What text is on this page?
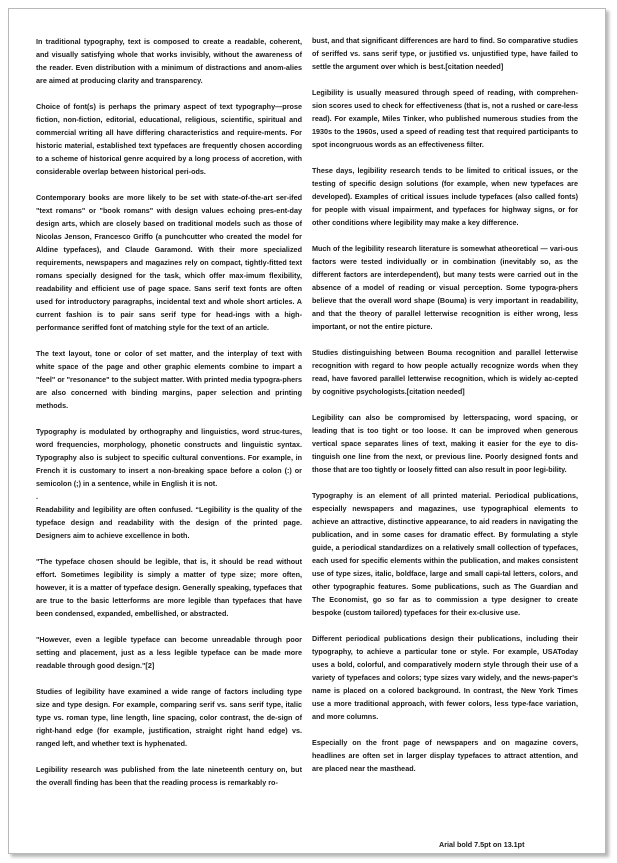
In traditional typography, text is composed to create a readable, coherent, and visually satisfying whole that works invisibly, without the awareness of the reader. Even distribution with a minimum of distractions and anom-alies are aimed at producing clarity and transparency.

Choice of font(s) is perhaps the primary aspect of text typography—prose fiction, non-fiction, editorial, educational, religious, scientific, spiritual and commercial writing all have differing characteristics and require-ments. For historic material, established text typefaces are frequently chosen according to a scheme of historical genre acquired by a long process of accretion, with considerable overlap between historical peri-ods.

Contemporary books are more likely to be set with state-of-the-art ser-ifed "text romans" or "book romans" with design values echoing pres-ent-day design arts, which are closely based on traditional models such as those of Nicolas Jenson, Francesco Griffo (a punchcutter who created the model for Aldine typefaces), and Claude Garamond. With their more specialized requirements, newspapers and magazines rely on compact, tightly-fitted text romans specially designed for the task, which offer max-imum flexibility, readability and efficient use of page space. Sans serif text fonts are often used for introductory paragraphs, incidental text and whole short articles. A current fashion is to pair sans serif type for head-ings with a high-performance seriffed font of matching style for the text of an article.

The text layout, tone or color of set matter, and the interplay of text with white space of the page and other graphic elements combine to impart a "feel" or "resonance" to the subject matter. With printed media typogra-phers are also concerned with binding margins, paper selection and printing methods.

Typography is modulated by orthography and linguistics, word struc-tures, word frequencies, morphology, phonetic constructs and linguistic syntax. Typography also is subject to specific cultural conventions. For example, in French it is customary to insert a non-breaking space before a colon (:) or semicolon (;) in a sentence, while in English it is not.
.
Readability and legibility are often confused. “Legibility is the quality of the typeface design and readability with the design of the printed page. Designers aim to achieve excellence in both.

"The typeface chosen should be legible, that is, it should be read without effort. Sometimes legibility is simply a matter of type size; more often, however, it is a matter of typeface design. Generally speaking, typefaces that are true to the basic letterforms are more legible than typefaces that have been condensed, expanded, embellished, or abstracted.

"However, even a legible typeface can become unreadable through poor setting and placement, just as a less legible typeface can be made more readable through good design."[2]

Studies of legibility have examined a wide range of factors including type size and type design. For example, comparing serif vs. sans serif type, italic type vs. roman type, line length, line spacing, color contrast, the de-sign of right-hand edge (for example, justification, straight right hand edge) vs. ranged left, and whether text is hyphenated.

Legibility research was published from the late nineteenth century on, but the overall finding has been that the reading process is remarkably ro-

bust, and that significant differences are hard to find. So comparative studies of seriffed vs. sans serif type, or justified vs. unjustified type, have failed to settle the argument over which is best.[citation needed]

Legibility is usually measured through speed of reading, with comprehen-sion scores used to check for effectiveness (that is, not a rushed or care-less read). For example, Miles Tinker, who published numerous studies from the 1930s to the 1960s, used a speed of reading test that required participants to spot incongruous words as an effectiveness filter.

These days, legibility research tends to be limited to critical issues, or the testing of specific design solutions (for example, when new typefaces are developed). Examples of critical issues include typefaces (also called fonts) for people with visual impairment, and typefaces for highway signs, or for other conditions where legibility may make a key difference.

Much of the legibility research literature is somewhat atheoretical — vari-ous factors were tested individually or in combination (inevitably so, as the different factors are interdependent), but many tests were carried out in the absence of a model of reading or visual perception. Some typogra-phers believe that the overall word shape (Bouma) is very important in readability, and that the theory of parallel letterwise recognition is either wrong, less important, or not the entire picture.

Studies distinguishing between Bouma recognition and parallel letterwise recognition with regard to how people actually recognize words when they read, have favored parallel letterwise recognition, which is widely ac-cepted by cognitive psychologists.[citation needed]

Legibility can also be compromised by letterspacing, word spacing, or leading that is too tight or too loose. It can be improved when generous vertical space separates lines of text, making it easier for the eye to dis-tinguish one line from the next, or previous line. Poorly designed fonts and those that are too tightly or loosely fitted can also result in poor legi-bility.

Typography is an element of all printed material. Periodical publications, especially newspapers and magazines, use typographical elements to achieve an attractive, distinctive appearance, to aid readers in navigating the publication, and in some cases for dramatic effect. By formulating a style guide, a periodical standardizes on a relatively small collection of typefaces, each used for specific elements within the publication, and makes consistent use of type sizes, italic, boldface, large and small capi-tal letters, colors, and other typographic features. Some publications, such as The Guardian and The Economist, go so far as to commission a type designer to create bespoke (custom tailored) typefaces for their ex-clusive use.

Different periodical publications design their publications, including their typography, to achieve a particular tone or style. For example, USAToday uses a bold, colorful, and comparatively modern style through their use of a variety of typefaces and colors; type sizes vary widely, and the news-paper's name is placed on a colored background. In contrast, the New York Times use a more traditional approach, with fewer colors, less type-face variation, and more columns.

Especially on the front page of newspapers and on magazine covers, headlines are often set in larger display typefaces to attract attention, and are placed near the masthead.

Arial bold 7.5pt on 13.1pt
